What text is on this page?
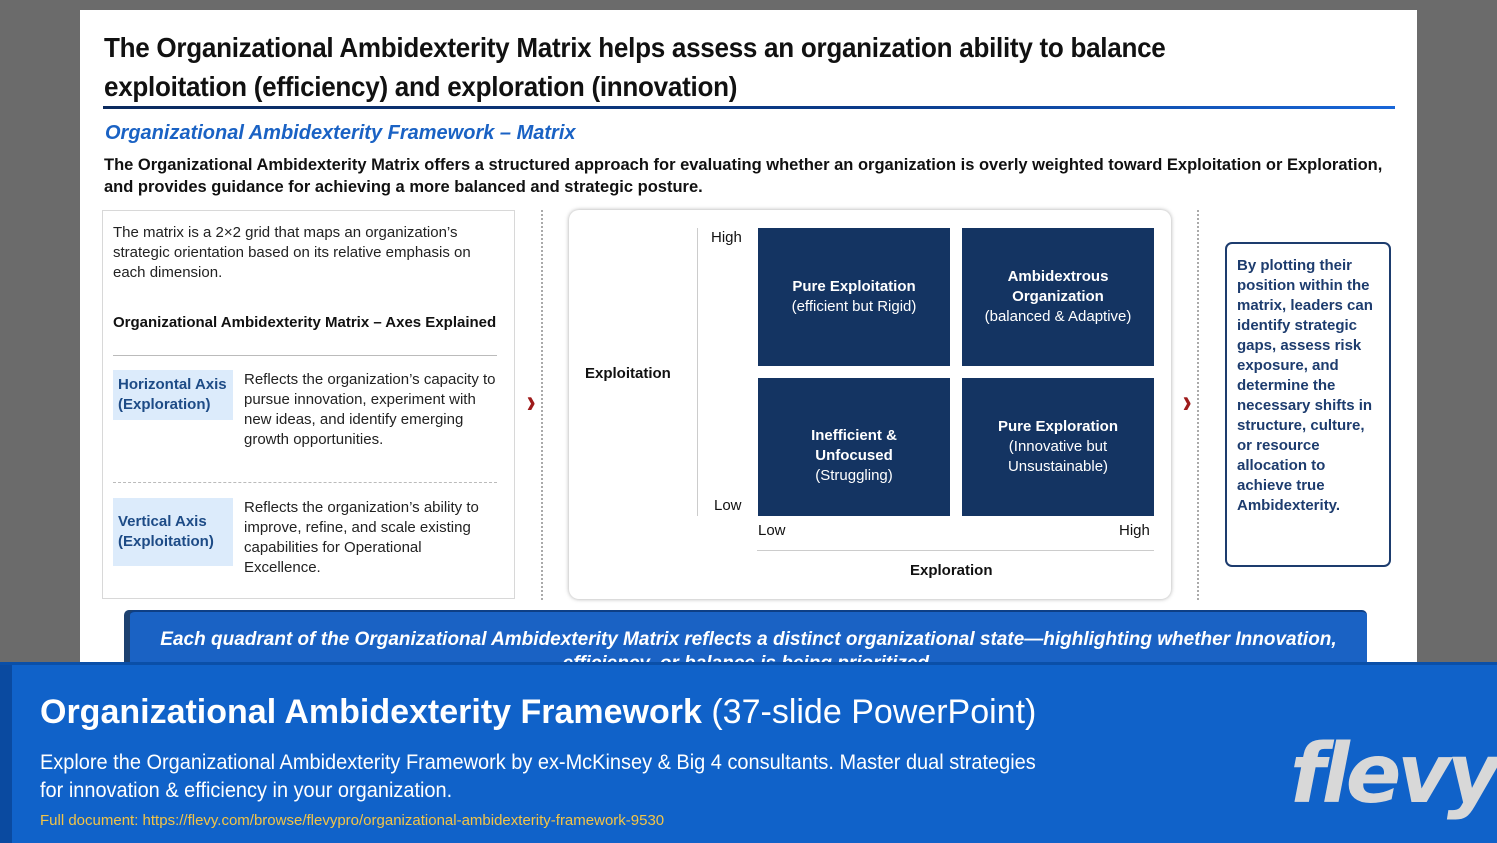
The Organizational Ambidexterity Matrix helps assess an organization ability to balance exploitation (efficiency) and exploration (innovation)
Organizational Ambidexterity Framework – Matrix
The Organizational Ambidexterity Matrix offers a structured approach for evaluating whether an organization is overly weighted toward Exploitation or Exploration, and provides guidance for achieving a more balanced and strategic posture.
The matrix is a 2×2 grid that maps an organization’s strategic orientation based on its relative emphasis on each dimension.
Organizational Ambidexterity Matrix – Axes Explained
Horizontal Axis (Exploration)
Reflects the organization’s capacity to pursue innovation, experiment with new ideas, and identify emerging growth opportunities.
Vertical Axis (Exploitation)
Reflects the organization’s ability to improve, refine, and scale existing capabilities for Operational Excellence.
High
Low
Exploitation
Pure Exploitation
(efficient but Rigid)
Ambidextrous Organization
(balanced & Adaptive)
Inefficient & Unfocused (Struggling)
Pure Exploration
(Innovative but Unsustainable)
Low	High
Exploration
By plotting their position within the matrix, leaders can identify strategic gaps, assess risk exposure, and determine the necessary shifts in structure, culture, or resource allocation to achieve true Ambidexterity.
Each quadrant of the Organizational Ambidexterity Matrix reflects a distinct organizational state—highlighting whether Innovation,
Organizational Ambidexterity Framework (37-slide PowerPoint)
Explore the Organizational Ambidexterity Framework by ex-McKinsey & Big 4 consultants. Master dual strategies for innovation & efficiency in your organization.
Full document: https://flevy.com/browse/flevypro/organizational-ambidexterity-framework-9530	flevy
